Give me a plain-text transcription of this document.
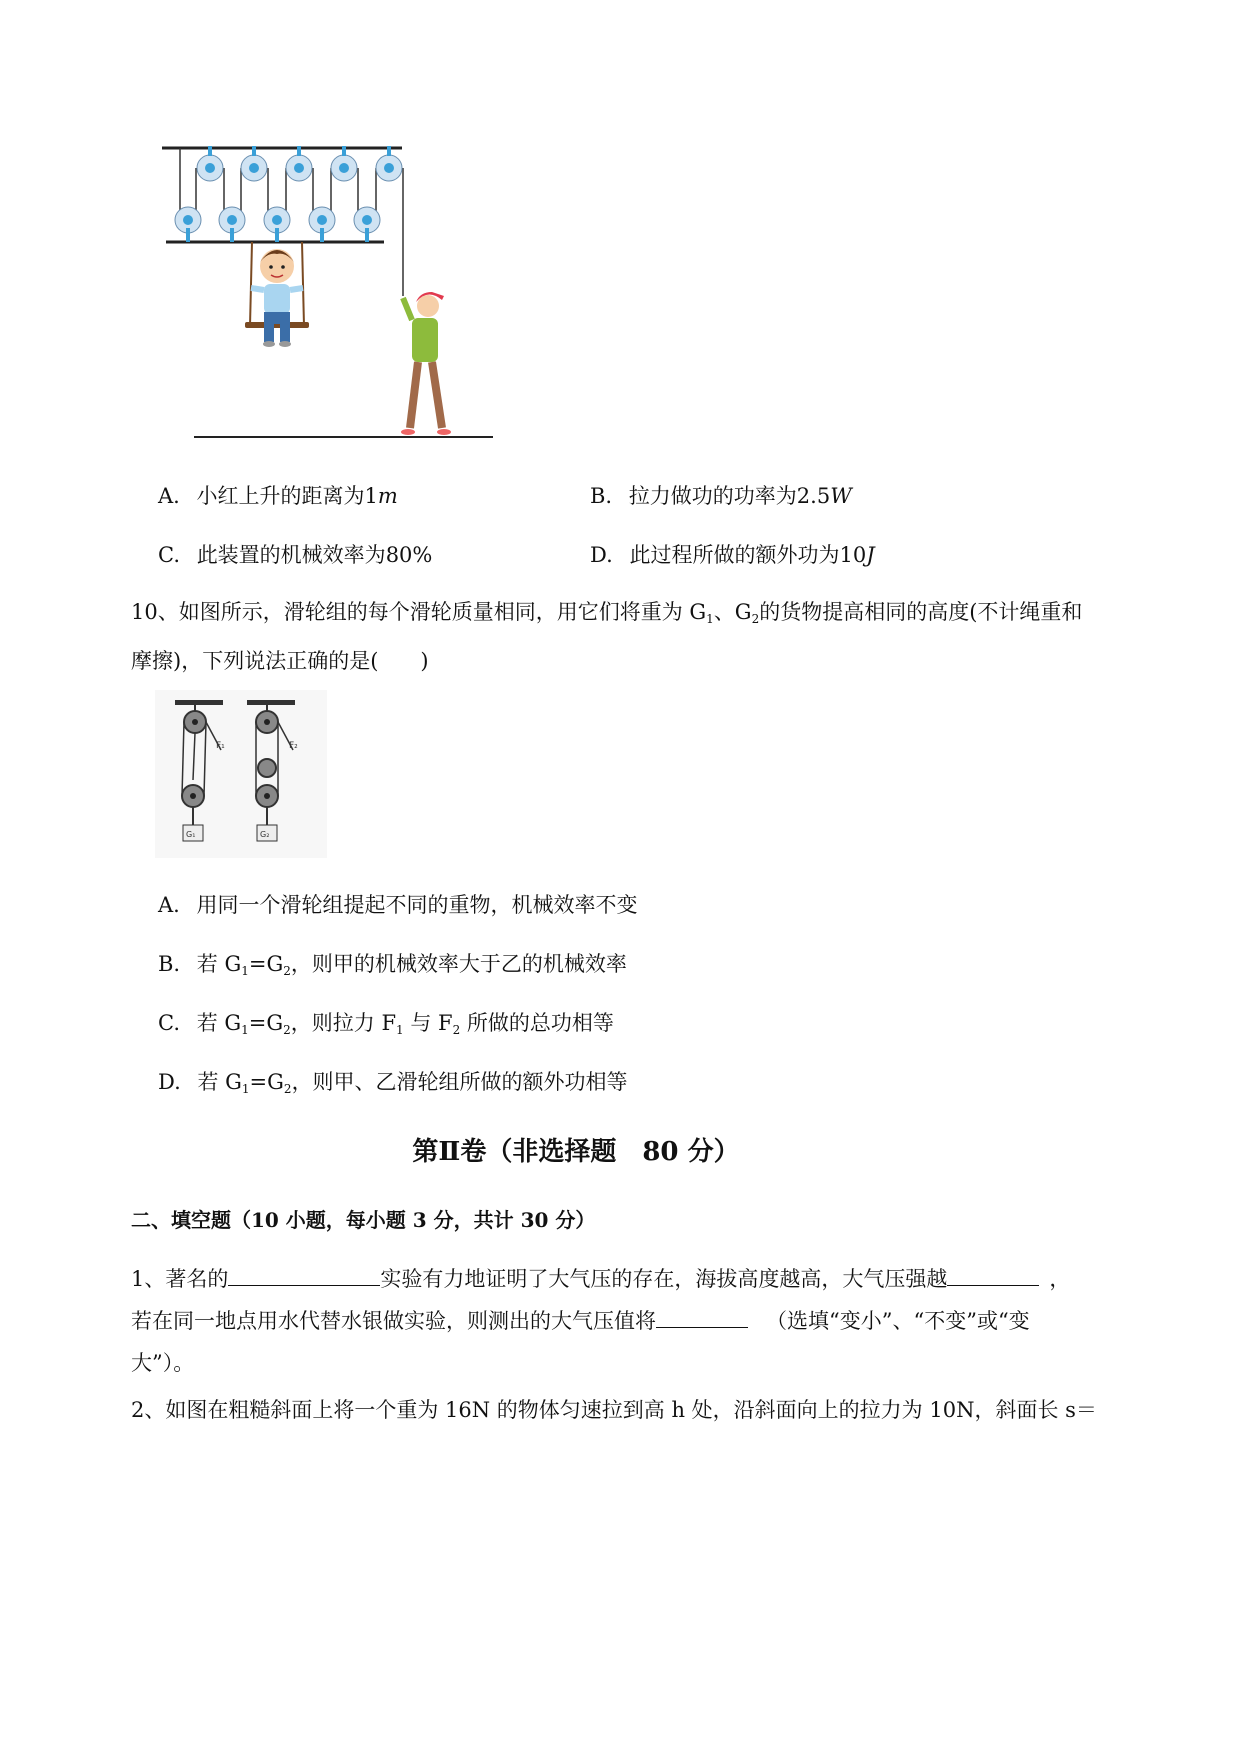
A. 小红上升的距离为1m	B. 拉力做功的功率为2.5W
C. 此装置的机械效率为80%	D. 此过程所做的额外功为10J
10、如图所示，滑轮组的每个滑轮质量相同，用它们将重为 $G_1$、$G_2$的货物提高相同的高度(不计绳重和
摩擦)，下列说法正确的是(　　)
F₁
G₁
F₂
G₂
A. 用同一个滑轮组提起不同的重物，机械效率不变
B. 若 $G_1=G_2$，则甲的机械效率大于乙的机械效率
C. 若 $G_1=G_2$，则拉力 $F_1$ 与 $F_2$ 所做的总功相等
D. 若 $G_1=G_2$，则甲、乙滑轮组所做的额外功相等
第Ⅱ卷（非选择题　80 分）
二、填空题（10 小题，每小题 3 分，共计 30 分）
1、著名的	实验有力地证明了大气压的存在，海拔高度越高，大气压强越	，
若在同一地点用水代替水银做实验，则测出的大气压值将	（选填“变小”、“不变”或“变
大”）。
2、如图在粗糙斜面上将一个重为 16N 的物体匀速拉到高 h 处，沿斜面向上的拉力为 10N，斜面长 s＝
